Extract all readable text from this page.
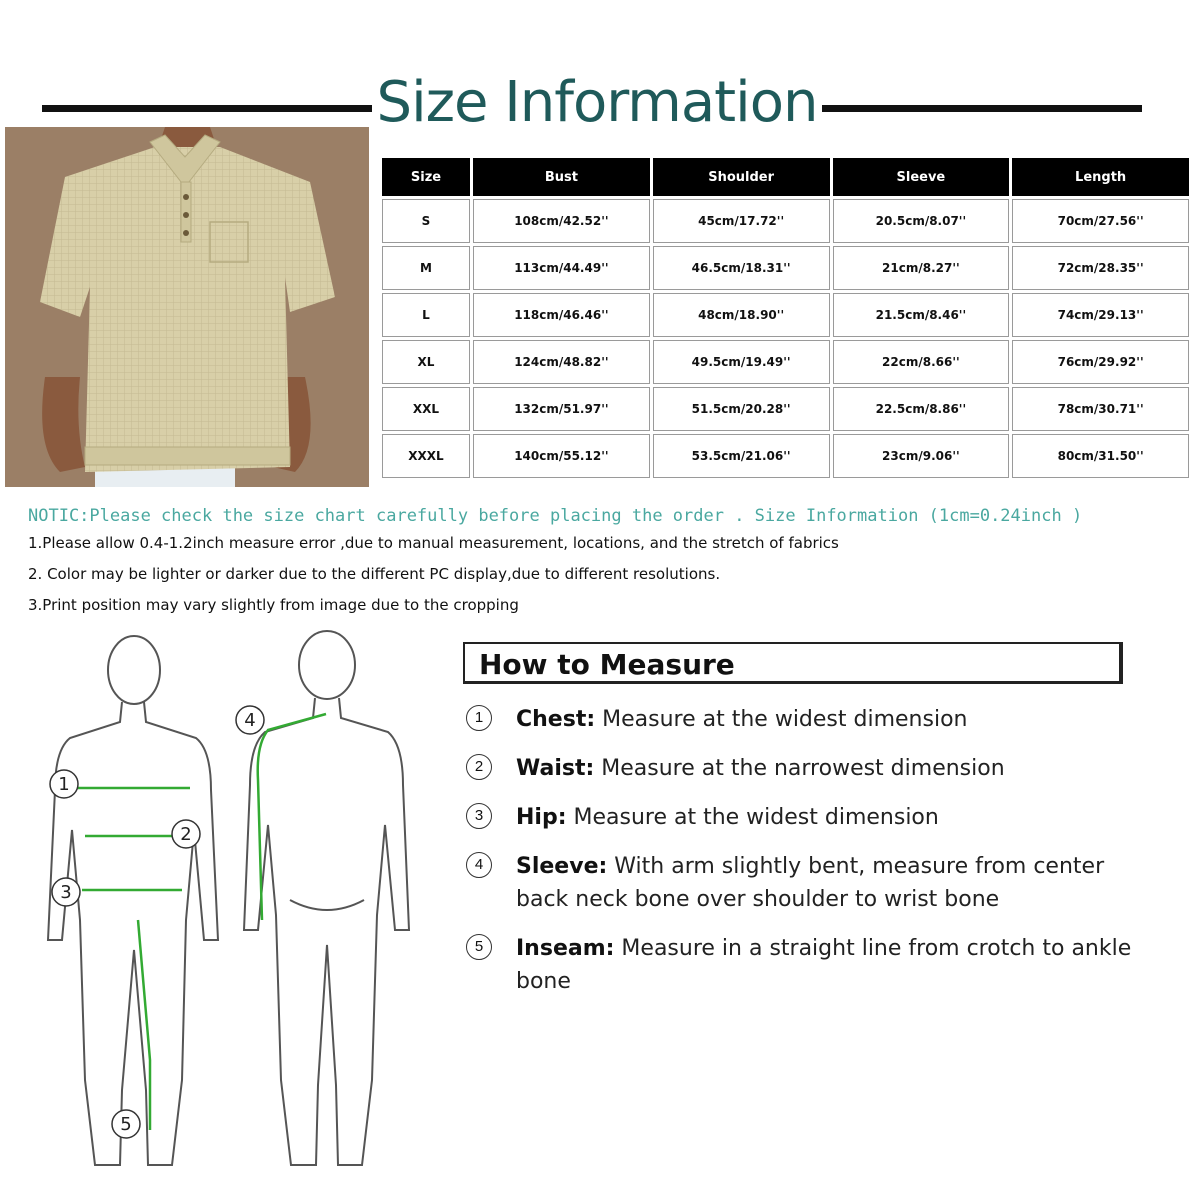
Size Information
Size	Bust	Shoulder	Sleeve	Length
S	108cm/42.52''	45cm/17.72''	20.5cm/8.07''	70cm/27.56''
M	113cm/44.49''	46.5cm/18.31''	21cm/8.27''	72cm/28.35''
L	118cm/46.46''	48cm/18.90''	21.5cm/8.46''	74cm/29.13''
XL	124cm/48.82''	49.5cm/19.49''	22cm/8.66''	76cm/29.92''
XXL	132cm/51.97''	51.5cm/20.28''	22.5cm/8.86''	78cm/30.71''
XXXL	140cm/55.12''	53.5cm/21.06''	23cm/9.06''	80cm/31.50''

NOTIC:Please check the size chart carefully before placing the order . Size Information (1cm=0.24inch )

1.Please allow 0.4-1.2inch measure error ,due to manual measurement, locations, and the stretch of fabrics

2. Color may be lighter or darker due to the different PC display,due to different resolutions.

3.Print position may vary slightly from image due to the cropping

1
2
3
4
5
How to Measure
1	Chest: Measure at the widest dimension
2	Waist: Measure at the narrowest dimension
3	Hip: Measure at the widest dimension
4	Sleeve: With arm slightly bent, measure from center back neck bone over shoulder to wrist bone
5	Inseam: Measure in a straight line from crotch to ankle bone
